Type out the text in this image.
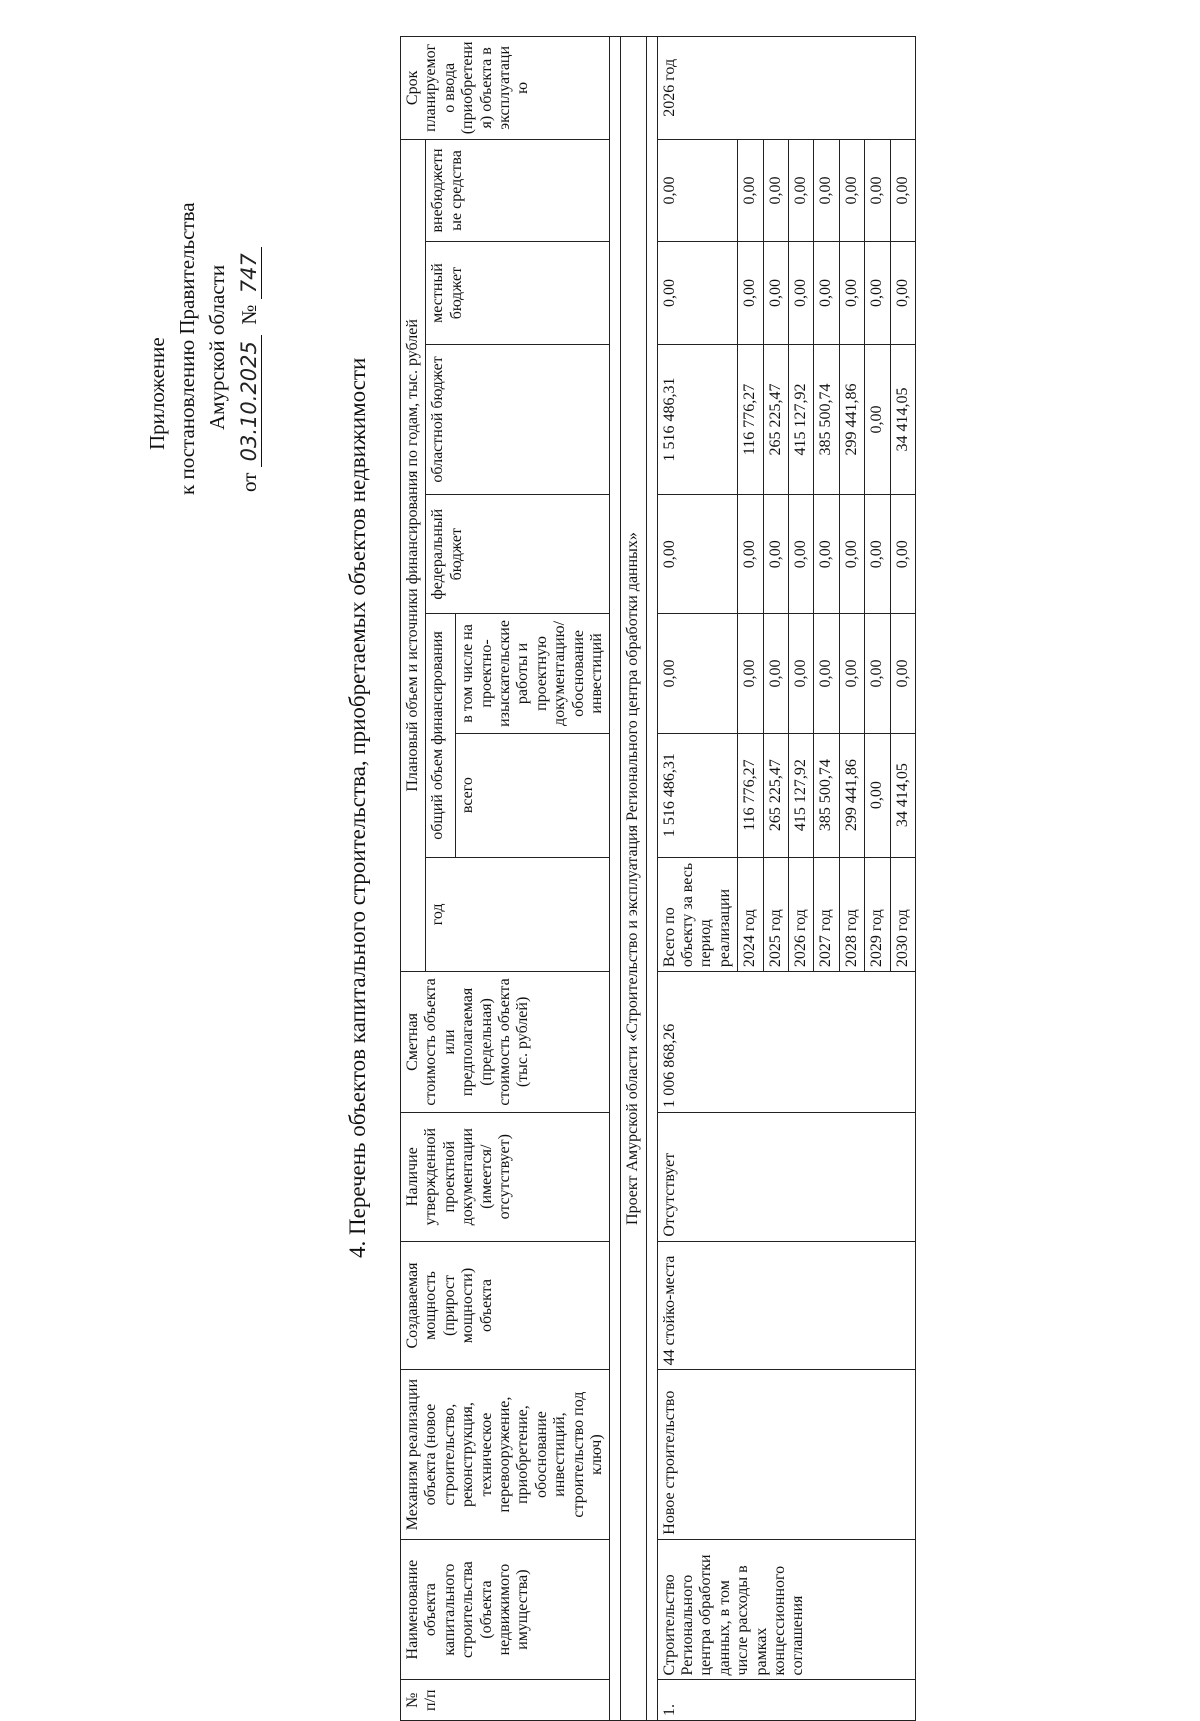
Приложение к постановлению Правительства Амурской области
от 03.10.2025  № 747
4. Перечень объектов капитального строительства, приобретаемых объектов недвижимости
№ п/п	Наименование объекта капитального строительства (объекта недвижимого имущества)	Механизм реализации объекта (новое строительство, реконструкция, техническое перевооружение, приобретение, обоснование инвестиций, строительство под ключ)	Создаваемая мощность (прирост мощности) объекта	Наличие утвержденной проектной документации (имеется/ отсутствует)	Сметная стоимость объекта или предполагаемая (предельная) стоимость объекта (тыс. рублей)	Плановый объем и источники финансирования по годам, тыс. рублей							Срок планируемого ввода (приобретения) объекта в эксплуатацию
						год	общий объем финансирования		федеральный бюджет	областной бюджет	местный бюджет	внебюджетные средства	
							всего	в том числе на проектно-изыскательские работы и проектную документацию/обоснование инвестиций					

Проект Амурской области «Строительство и эксплуатация Регионального центра обработки данных»													

1.	Строительство Регионального центра обработки данных, в том числе расходы в рамках концессионного соглашения	Новое строительство	44 стойко-места	Отсутствует	1 006 868,26	Всего по объекту за весь период реализации	1 516 486,31	0,00	0,00	1 516 486,31	0,00	0,00	2026 год
						2024 год	116 776,27	0,00	0,00	116 776,27	0,00	0,00	
						2025 год	265 225,47	0,00	0,00	265 225,47	0,00	0,00	
						2026 год	415 127,92	0,00	0,00	415 127,92	0,00	0,00	
						2027 год	385 500,74	0,00	0,00	385 500,74	0,00	0,00	
						2028 год	299 441,86	0,00	0,00	299 441,86	0,00	0,00	
						2029 год	0,00	0,00	0,00	0,00	0,00	0,00	
						2030 год	34 414,05	0,00	0,00	34 414,05	0,00	0,00	
